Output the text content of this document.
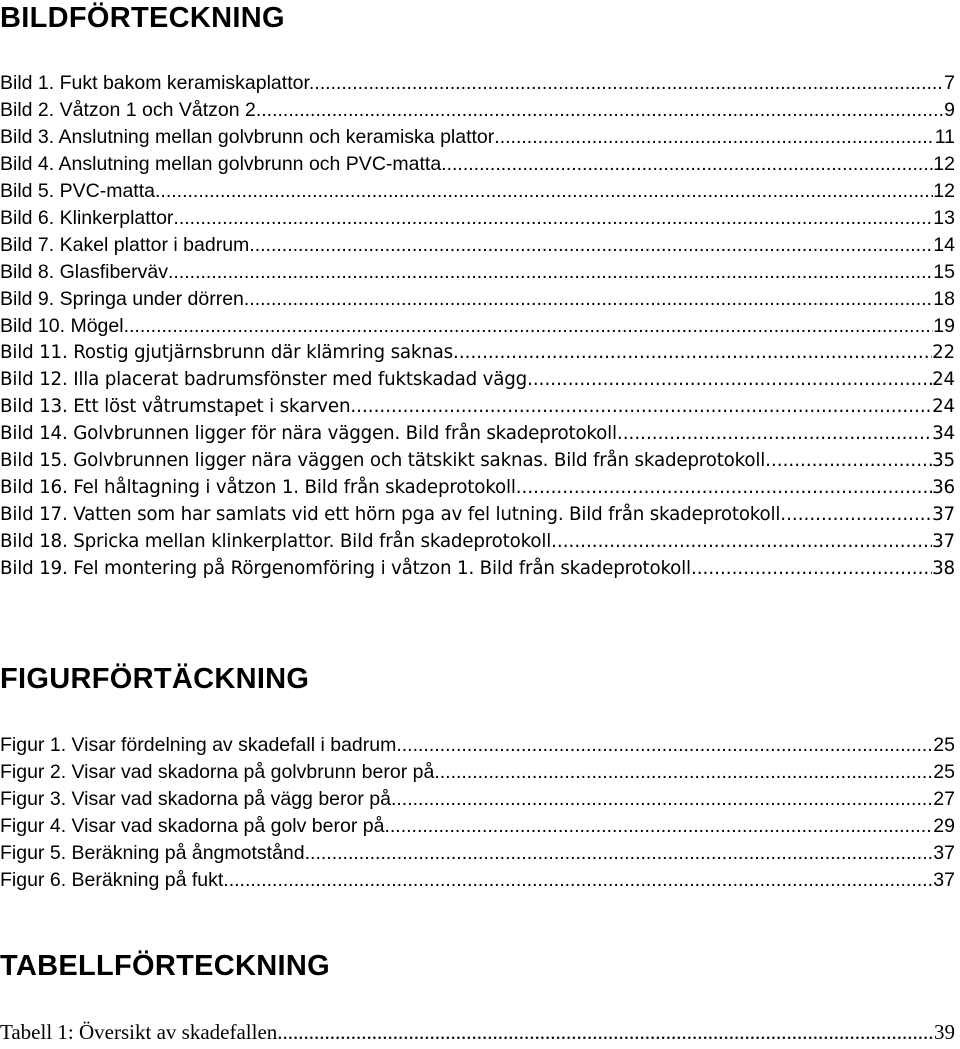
BILDFÖRTECKNING
Bild 1. Fukt bakom keramiskaplattor. .....	7
Bild 2. Våtzon 1 och Våtzon 2. .....	9
Bild 3. Anslutning mellan golvbrunn och keramiska plattor .....	11
Bild 4. Anslutning mellan golvbrunn och PVC-matta .....	12
Bild 5. PVC-matta .....	12
Bild 6. Klinkerplattor .....	13
Bild 7. Kakel plattor i badrum .....	14
Bild 8. Glasfiberväv .....	15
Bild 9. Springa under dörren .....	18
Bild 10. Mögel .....	19
Bild 11. Rostig gjutjärnsbrunn där klämring saknas .....	22
Bild 12. Illa placerat badrumsfönster med fuktskadad vägg .....	24
Bild 13. Ett löst våtrumstapet i skarven .....	24
Bild 14. Golvbrunnen ligger för nära väggen. Bild från skadeprotokoll .....	34
Bild 15. Golvbrunnen ligger nära väggen och tätskikt saknas. Bild från skadeprotokoll .....	35
Bild 16. Fel håltagning i våtzon 1. Bild från skadeprotokoll .....	36
Bild 17. Vatten som har samlats vid ett hörn pga av fel lutning. Bild från skadeprotokoll .....	37
Bild 18. Spricka mellan klinkerplattor. Bild från skadeprotokoll .....	37
Bild 19. Fel montering på Rörgenomföring i våtzon 1. Bild från skadeprotokoll .....	38
FIGURFÖRTÄCKNING
Figur 1. Visar fördelning av skadefall i badrum .....	25
Figur 2. Visar vad skadorna på golvbrunn beror på .....	25
Figur 3. Visar vad skadorna på vägg beror på .....	27
Figur 4. Visar vad skadorna på golv beror på .....	29
Figur 5. Beräkning på ångmotstånd .....	37
Figur 6. Beräkning på fukt .....	37
TABELLFÖRTECKNING
Tabell 1: Översikt av skadefallen .....	39
